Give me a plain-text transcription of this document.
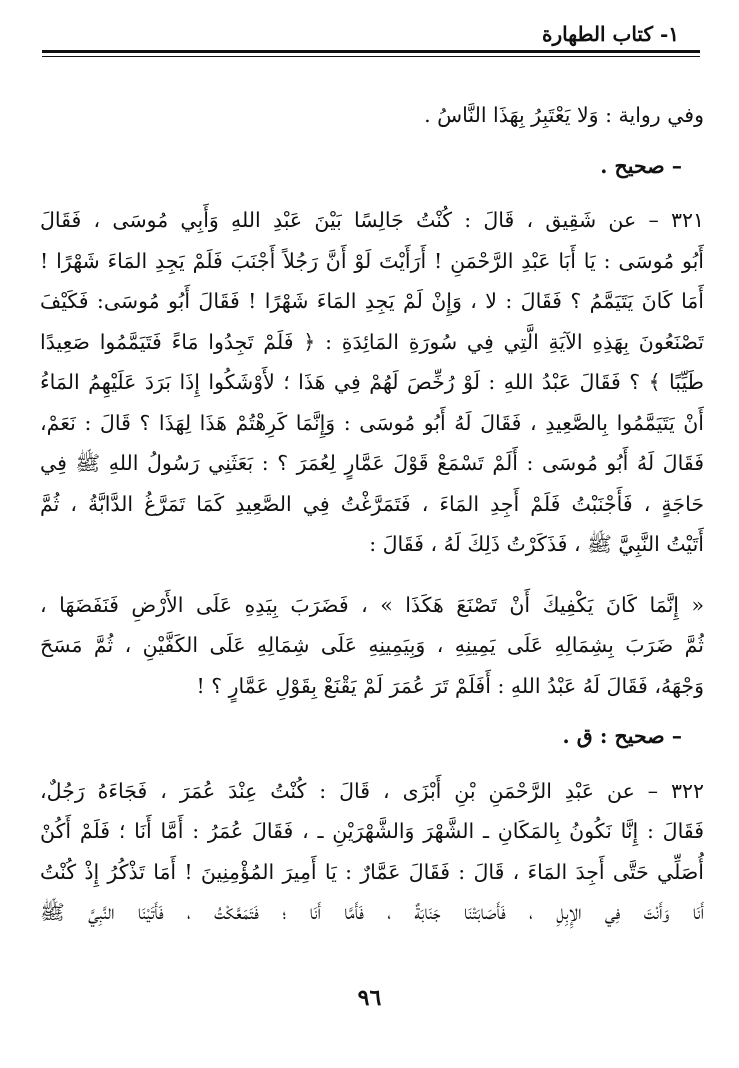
١- كتاب الطهارة
وفي رواية : وَلا يَعْتَبِرُ بِهَذَا النَّاسُ .
– صحيح .
٣٢١ – عن شَقِيق ، قَالَ : كُنْتُ جَالِسًا بَيْنَ عَبْدِ اللهِ وَأَبِي مُوسَى ، فَقَالَ
أَبُو مُوسَى : يَا أَبَا عَبْدِ الرَّحْمَنِ ! أَرَأَيْتَ لَوْ أَنَّ رَجُلاً أَجْنَبَ فَلَمْ يَجِدِ المَاءَ شَهْرًا !
أَمَا كَانَ يَتَيَمَّمُ ؟ فَقَالَ : لا ، وَإِنْ لَمْ يَجِدِ المَاءَ شَهْرًا ! فَقَالَ أَبُو مُوسَى: فَكَيْفَ
تَصْنَعُونَ بِهَذِهِ الآيَةِ الَّتِي فِي سُورَةِ المَائِدَةِ : ﴿ فَلَمْ تَجِدُوا مَاءً فَتَيَمَّمُوا صَعِيدًا
طَيِّبًا ﴾ ؟ فَقَالَ عَبْدُ اللهِ : لَوْ رُخِّصَ لَهُمْ فِي هَذَا ؛ لأَوْشَكُوا إِذَا بَرَدَ عَلَيْهِمُ المَاءُ
أَنْ يَتَيَمَّمُوا بِالصَّعِيدِ ، فَقَالَ لَهُ أَبُو مُوسَى : وَإِنَّمَا كَرِهْتُمْ هَذَا لِهَذَا ؟ قَالَ : نَعَمْ،
فَقَالَ لَهُ أَبُو مُوسَى : أَلَمْ تَسْمَعْ قَوْلَ عَمَّارٍ لِعُمَرَ ؟ : بَعَثَنِي رَسُولُ اللهِ ﷺ فِي
حَاجَةٍ ، فَأَجْنَبْتُ فَلَمْ أَجِدِ المَاءَ ، فَتَمَرَّغْتُ فِي الصَّعِيدِ كَمَا تَمَرَّغُ الدَّابَّةُ ، ثُمَّ
أَتَيْتُ النَّبِيَّ ﷺ ، فَذَكَرْتُ ذَلِكَ لَهُ ، فَقَالَ :
« إِنَّمَا كَانَ يَكْفِيكَ أَنْ تَصْنَعَ هَكَذَا » ، فَضَرَبَ بِيَدِهِ عَلَى الأَرْضِ فَنَفَضَهَا ،
ثُمَّ ضَرَبَ بِشِمَالِهِ عَلَى يَمِينِهِ ، وَبِيَمِينِهِ عَلَى شِمَالِهِ عَلَى الكَفَّيْنِ ، ثُمَّ مَسَحَ
وَجْهَهُ، فَقَالَ لَهُ عَبْدُ اللهِ : أَفَلَمْ تَرَ عُمَرَ لَمْ يَقْنَعْ بِقَوْلِ عَمَّارٍ ؟ !
– صحيح : ق .
٣٢٢ – عن عَبْدِ الرَّحْمَنِ بْنِ أَبْزَى ، قَالَ : كُنْتُ عِنْدَ عُمَرَ ، فَجَاءَهُ رَجُلٌ،
فَقَالَ : إِنَّا نَكُونُ بِالمَكَانِ ـ الشَّهْرَ وَالشَّهْرَيْنِ ـ ، فَقَالَ عُمَرُ : أَمَّا أَنَا ؛ فَلَمْ أَكُنْ
أُصَلِّي حَتَّى أَجِدَ المَاءَ ، قَالَ : فَقَالَ عَمَّارٌ : يَا أَمِيرَ المُؤْمِنِينَ ! أَمَا تَذْكُرُ إِذْ كُنْتُ
أَنَا وَأَنْتَ فِي الإِبِلِ ، فَأَصَابَتْنَا جَنَابَةٌ ، فَأَمَّا أَنَا ؛ فَتَمَعَّكْتُ ، فَأَتَيْنَا النَّبِيَّ ﷺ
٩٦
